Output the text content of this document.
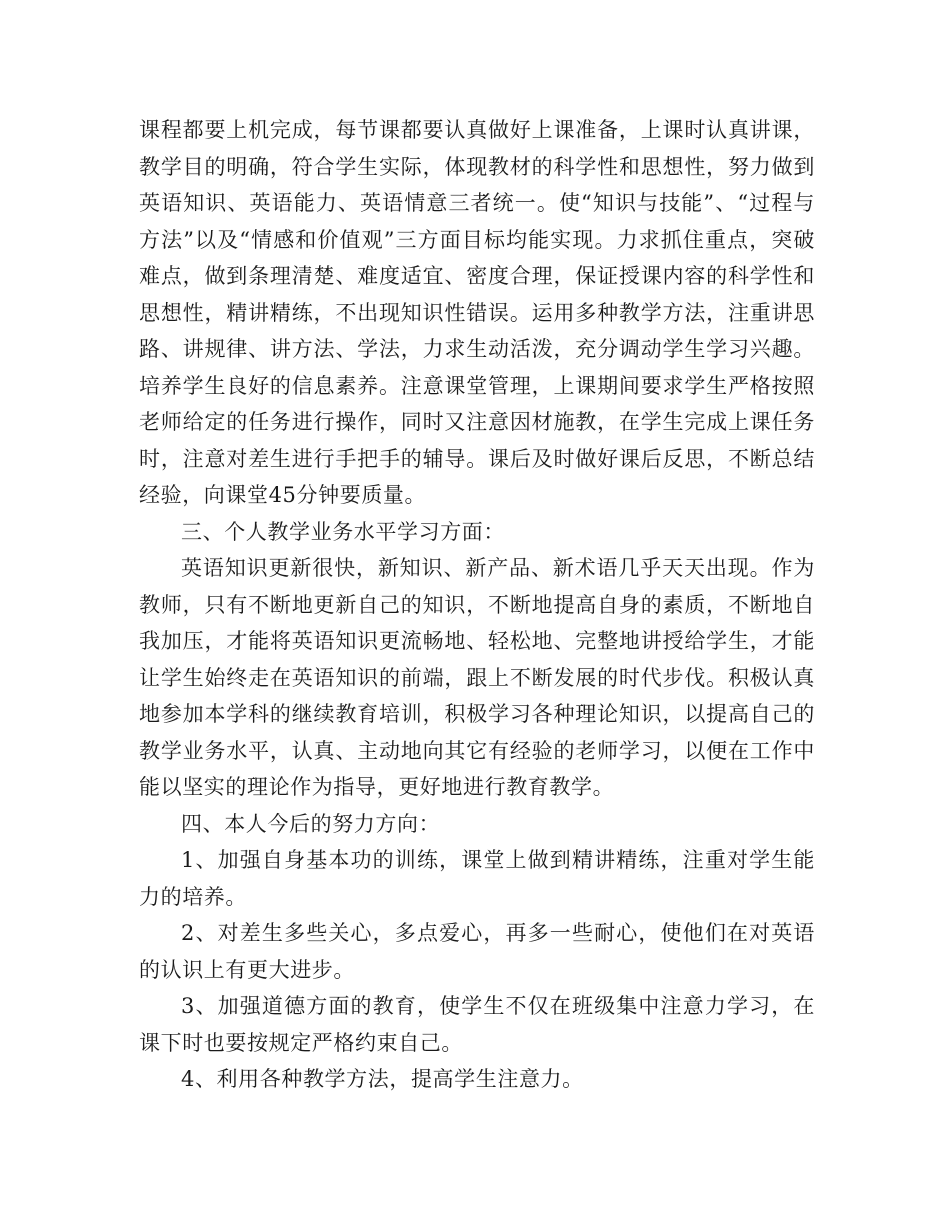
课程都要上机完成，每节课都要认真做好上课准备，上课时认真讲课，教学目的明确，符合学生实际，体现教材的科学性和思想性，努力做到英语知识、英语能力、英语情意三者统一。使“知识与技能”、“过程与方法”以及“情感和价值观”三方面目标均能实现。力求抓住重点，突破难点，做到条理清楚、难度适宜、密度合理，保证授课内容的科学性和思想性，精讲精练，不出现知识性错误。运用多种教学方法，注重讲思路、讲规律、讲方法、学法，力求生动活泼，充分调动学生学习兴趣。培养学生良好的信息素养。注意课堂管理，上课期间要求学生严格按照老师给定的任务进行操作，同时又注意因材施教，在学生完成上课任务时，注意对差生进行手把手的辅导。课后及时做好课后反思，不断总结经验，向课堂45分钟要质量。

三、个人教学业务水平学习方面：

英语知识更新很快，新知识、新产品、新术语几乎天天出现。作为教师，只有不断地更新自己的知识，不断地提高自身的素质，不断地自我加压，才能将英语知识更流畅地、轻松地、完整地讲授给学生，才能让学生始终走在英语知识的前端，跟上不断发展的时代步伐。积极认真地参加本学科的继续教育培训，积极学习各种理论知识，以提高自己的教学业务水平，认真、主动地向其它有经验的老师学习，以便在工作中能以坚实的理论作为指导，更好地进行教育教学。

四、本人今后的努力方向：

1、加强自身基本功的训练，课堂上做到精讲精练，注重对学生能力的培养。

2、对差生多些关心，多点爱心，再多一些耐心，使他们在对英语的认识上有更大进步。

3、加强道德方面的教育，使学生不仅在班级集中注意力学习，在课下时也要按规定严格约束自己。

4、利用各种教学方法，提高学生注意力。
